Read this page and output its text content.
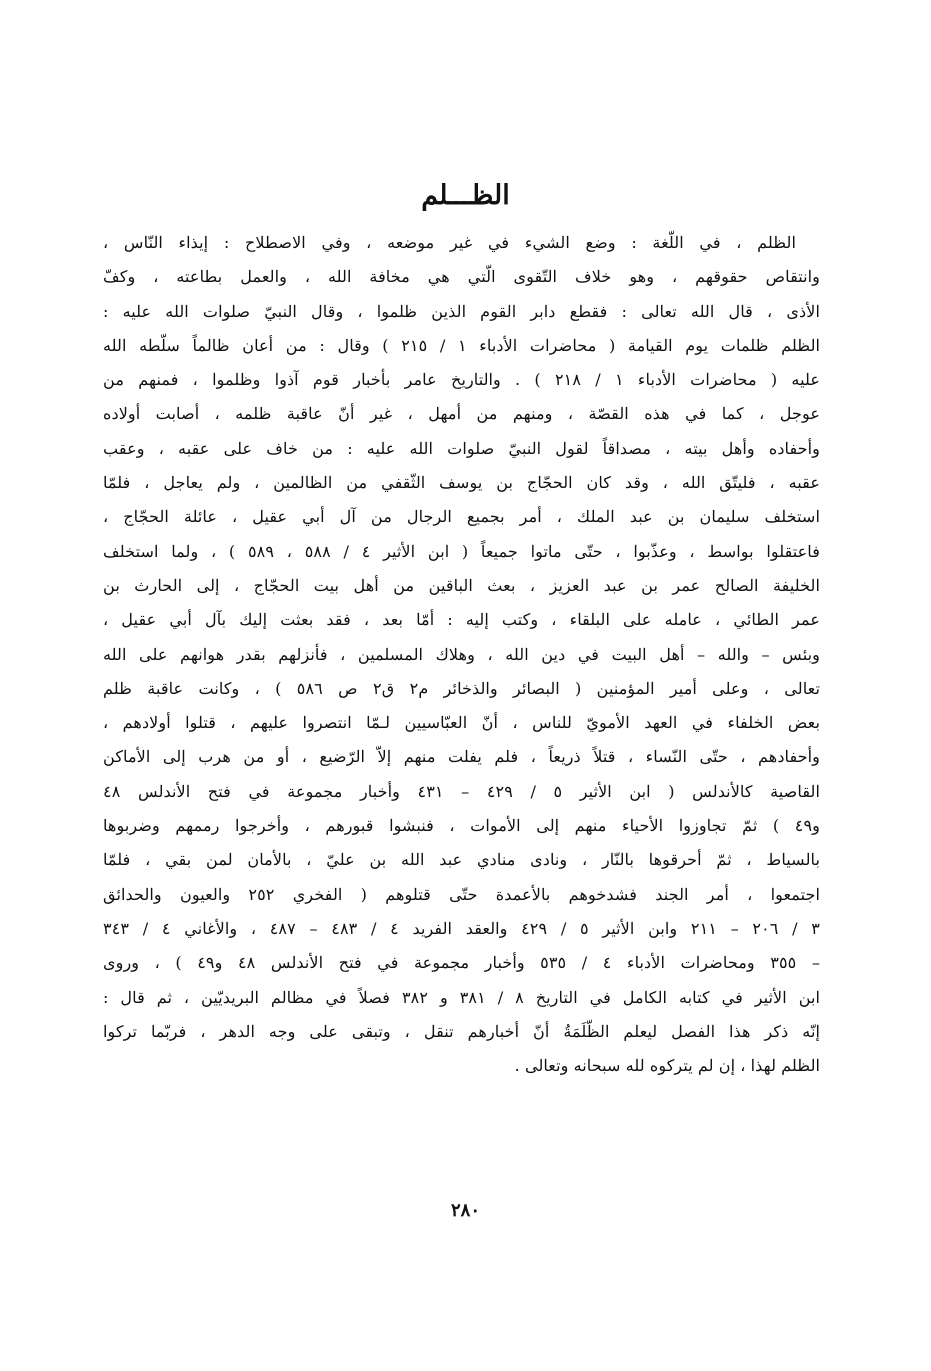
الظـــلم
الظلم ، في اللّغة : وضع الشيء في غير موضعه ، وفي الاصطلاح : إيذاء النّاس ،
وانتقاص حقوقهم ، وهو خلاف التّقوى الّتي هي مخافة الله ، والعمل بطاعته ، وكفّ
الأذى ، قال الله تعالى : فقطع دابر القوم الذين ظلموا ، وقال النبيّ صلوات الله عليه :
الظلم ظلمات يوم القيامة ( محاضرات الأدباء ١ / ٢١٥ ) وقال : من أعان ظالماً سلّطه الله
عليه ( محاضرات الأدباء ١ / ٢١٨ ) . والتاريخ عامر بأخبار قوم آذوا وظلموا ، فمنهم من
عوجل ، كما في هذه القصّة ، ومنهم من أمهل ، غير أنّ عاقبة ظلمه ، أصابت أولاده
وأحفاده وأهل بيته ، مصداقاً لقول النبيّ صلوات الله عليه : من خاف على عقبه ، وعقب
عقبه ، فليتّق الله ، وقد كان الحجّاج بن يوسف الثّقفي من الظالمين ، ولم يعاجل ، فلمّا
استخلف سليمان بن عبد الملك ، أمر بجميع الرجال من آل أبي عقيل ، عائلة الحجّاج ،
فاعتقلوا بواسط ، وعذّبوا ، حتّى ماتوا جميعاً ( ابن الأثير ٤ / ٥٨٨ ، ٥٨٩ ) ، ولما استخلف
الخليفة الصالح عمر بن عبد العزيز ، بعث الباقين من أهل بيت الحجّاج ، إلى الحارث بن
عمر الطائي ، عامله على البلقاء ، وكتب إليه : أمّا بعد ، فقد بعثت إليك بآل أبي عقيل ،
وبئس – والله – أهل البيت في دين الله ، وهلاك المسلمين ، فأنزلهم بقدر هوانهم على الله
تعالى ، وعلى أمير المؤمنين ( البصائر والذخائر م٢ ق٢ ص ٥٨٦ ) ، وكانت عاقبة ظلم
بعض الخلفاء في العهد الأمويّ للناس ، أنّ العبّاسيين لـمّا انتصروا عليهم ، قتلوا أولادهم ،
وأحفادهم ، حتّى النّساء ، قتلاً ذريعاً ، فلم يفلت منهم إلاّ الرّضيع ، أو من هرب إلى الأماكن
القاصية كالأندلس ( ابن الأثير ٥ / ٤٢٩ – ٤٣١ وأخبار مجموعة في فتح الأندلس ٤٨
و٤٩ ) ثمّ تجاوزوا الأحياء منهم إلى الأموات ، فنبشوا قبورهم ، وأخرجوا رممهم وضربوها
بالسياط ، ثمّ أحرقوها بالنّار ، ونادى منادي عبد الله بن عليّ ، بالأمان لمن بقي ، فلمّا
اجتمعوا ، أمر الجند فشدخوهم بالأعمدة حتّى قتلوهم ( الفخري ٢٥٢ والعيون والحدائق
٣ / ٢٠٦ – ٢١١ وابن الأثير ٥ / ٤٢٩ والعقد الفريد ٤ / ٤٨٣ – ٤٨٧ ، والأغاني ٤ / ٣٤٣
– ٣٥٥ ومحاضرات الأدباء ٤ / ٥٣٥ وأخبار مجموعة في فتح الأندلس ٤٨ و٤٩ ) ، وروى
ابن الأثير في كتابه الكامل في التاريخ ٨ / ٣٨١ و ٣٨٢ فصلاً في مظالم البريديّين ، ثم قال :
إنّه ذكر هذا الفصل ليعلم الظّلَمَةُ أنّ أخبارهم تنقل ، وتبقى على وجه الدهر ، فربّما تركوا
الظلم لهذا ، إن لم يتركوه لله سبحانه وتعالى .
٢٨٠
